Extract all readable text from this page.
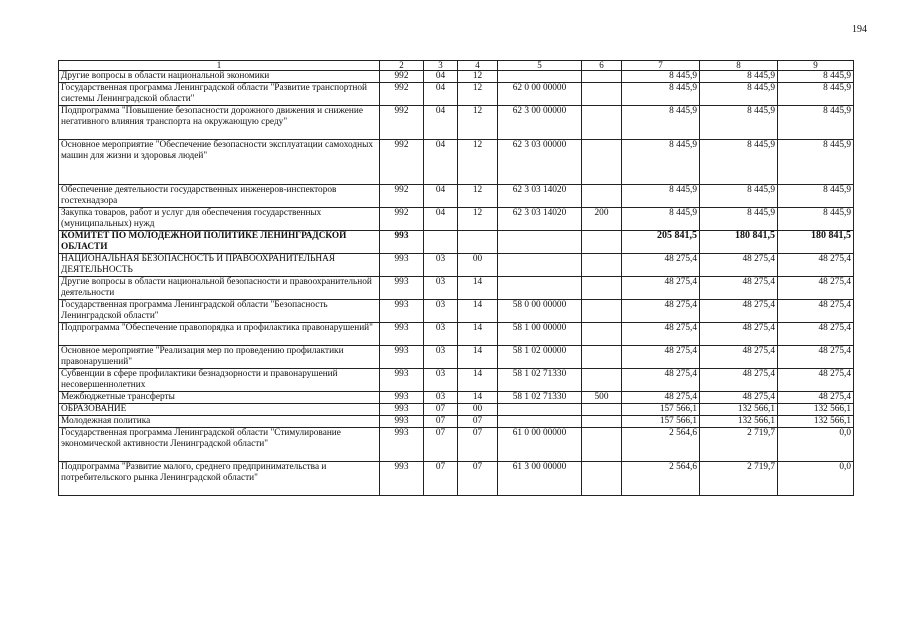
194
1	2	3	4	5	6	7	8	9
Другие вопросы в области национальной экономики	992	04	12			8 445,9	8 445,9	8 445,9
Государственная программа Ленинградской области "Развитие транспортной системы Ленинградской области"	992	04	12	62 0 00 00000		8 445,9	8 445,9	8 445,9
Подпрограмма "Повышение безопасности дорожного движения и снижение негативного влияния транспорта на окружающую среду"	992	04	12	62 3 00 00000		8 445,9	8 445,9	8 445,9
Основное мероприятие "Обеспечение безопасности эксплуатации самоходных машин для жизни и здоровья людей"	992	04	12	62 3 03 00000		8 445,9	8 445,9	8 445,9
Обеспечение деятельности государственных инженеров-инспекторов гостехнадзора	992	04	12	62 3 03 14020		8 445,9	8 445,9	8 445,9
Закупка товаров, работ и услуг для обеспечения государственных (муниципальных) нужд	992	04	12	62 3 03 14020	200	8 445,9	8 445,9	8 445,9
КОМИТЕТ ПО МОЛОДЕЖНОЙ ПОЛИТИКЕ ЛЕНИНГРАДСКОЙ ОБЛАСТИ	993					205 841,5	180 841,5	180 841,5
НАЦИОНАЛЬНАЯ БЕЗОПАСНОСТЬ И ПРАВООХРАНИТЕЛЬНАЯ ДЕЯТЕЛЬНОСТЬ	993	03	00			48 275,4	48 275,4	48 275,4
Другие вопросы в области национальной безопасности и правоохранительной деятельности	993	03	14			48 275,4	48 275,4	48 275,4
Государственная программа Ленинградской области "Безопасность Ленинградской области"	993	03	14	58 0 00 00000		48 275,4	48 275,4	48 275,4
Подпрограмма "Обеспечение правопорядка и профилактика правонарушений"	993	03	14	58 1 00 00000		48 275,4	48 275,4	48 275,4
Основное мероприятие "Реализация мер по проведению профилактики правонарушений"	993	03	14	58 1 02 00000		48 275,4	48 275,4	48 275,4
Субвенции в сфере профилактики безнадзорности и правонарушений несовершеннолетних	993	03	14	58 1 02 71330		48 275,4	48 275,4	48 275,4
Межбюджетные трансферты	993	03	14	58 1 02 71330	500	48 275,4	48 275,4	48 275,4
ОБРАЗОВАНИЕ	993	07	00			157 566,1	132 566,1	132 566,1
Молодежная политика	993	07	07			157 566,1	132 566,1	132 566,1
Государственная программа Ленинградской области "Стимулирование экономической активности Ленинградской области"	993	07	07	61 0 00 00000		2 564,6	2 719,7	0,0
Подпрограмма "Развитие малого, среднего предпринимательства и потребительского рынка Ленинградской области"	993	07	07	61 3 00 00000		2 564,6	2 719,7	0,0
